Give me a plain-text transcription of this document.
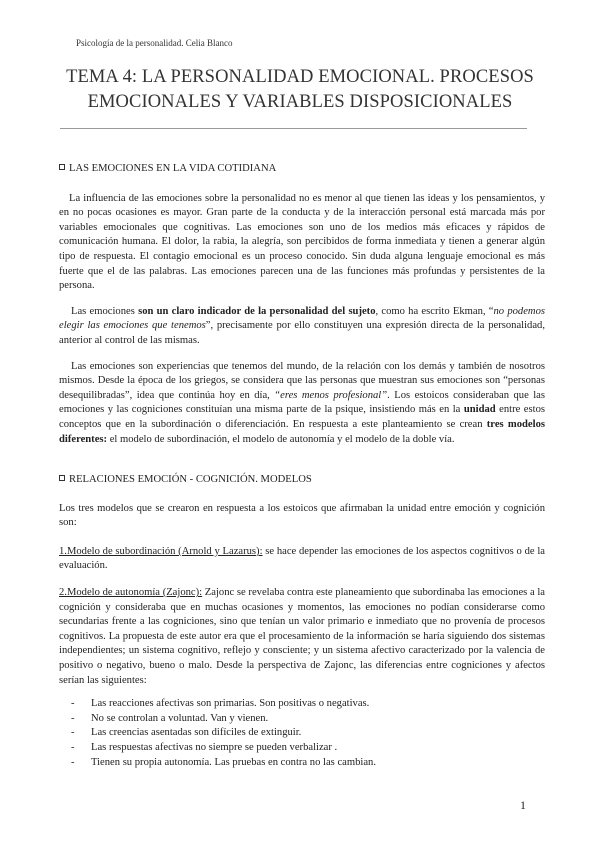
Psicología de la personalidad. Celia Blanco
TEMA 4: LA PERSONALIDAD EMOCIONAL. PROCESOS EMOCIONALES Y VARIABLES DISPOSICIONALES
LAS EMOCIONES EN LA VIDA COTIDIANA

La influencia de las emociones sobre la personalidad no es menor al que tienen las ideas y los pensamientos, y en no pocas ocasiones es mayor. Gran parte de la conducta y de la interacción personal está marcada más por variables emocionales que cognitivas. Las emociones son uno de los medios más eficaces y rápidos de comunicación humana. El dolor, la rabia, la alegría, son percibidos de forma inmediata y tienen a generar algún tipo de respuesta. El contagio emocional es un proceso conocido. Sin duda alguna lenguaje emocional es más fuerte que el de las palabras. Las emociones parecen una de las funciones más profundas y persistentes de la persona.

Las emociones son un claro indicador de la personalidad del sujeto, como ha escrito Ekman, “no podemos elegir las emociones que tenemos”, precisamente por ello constituyen una expresión directa de la personalidad, anterior al control de las mismas.

Las emociones son experiencias que tenemos del mundo, de la relación con los demás y también de nosotros mismos. Desde la época de los griegos, se considera que las personas que muestran sus emociones son “personas desequilibradas”, idea que continúa hoy en día, “eres menos profesional”. Los estoicos consideraban que las emociones y las cogniciones constituían una misma parte de la psique, insistiendo más en la unidad entre estos conceptos que en la subordinación o diferenciación. En respuesta a este planteamiento se crean tres modelos diferentes: el modelo de subordinación, el modelo de autonomía y el modelo de la doble vía.

RELACIONES EMOCIÓN - COGNICIÓN. MODELOS

Los tres modelos que se crearon en respuesta a los estoicos que afirmaban la unidad entre emoción y cognición son:

1.Modelo de subordinación (Arnold y Lazarus): se hace depender las emociones de los aspectos cognitivos o de la evaluación.

2.Modelo de autonomía (Zajonc): Zajonc se revelaba contra este planeamiento que subordinaba las emociones a la cognición y consideraba que en muchas ocasiones y momentos, las emociones no podían considerarse como secundarias frente a las cogniciones, sino que tenían un valor primario e inmediato que no provenía de procesos cognitivos. La propuesta de este autor era que el procesamiento de la información se haría siguiendo dos sistemas independientes; un sistema cognitivo, reflejo y consciente; y un sistema afectivo caracterizado por la valencia de positivo o negativo, bueno o malo. Desde la perspectiva de Zajonc, las diferencias entre cogniciones y afectos serían las siguientes:

- Las reacciones afectivas son primarias. Son positivas o negativas.
- No se controlan a voluntad. Van y vienen.
- Las creencias asentadas son difíciles de extinguir.
- Las respuestas afectivas no siempre se pueden verbalizar .
- Tienen su propia autonomía. Las pruebas en contra no las cambian.
1
